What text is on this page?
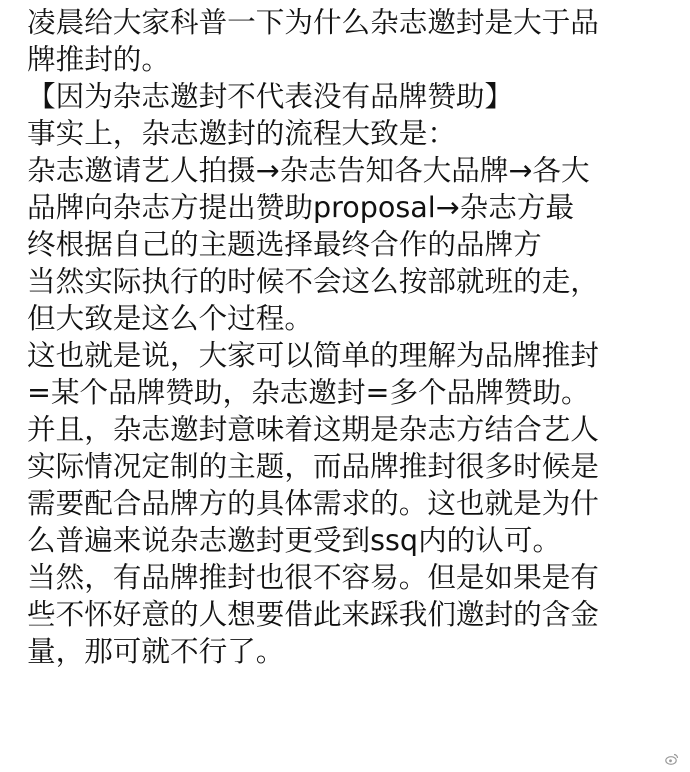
凌晨给大家科普一下为什么杂志邀封是大于品
牌推封的。
【因为杂志邀封不代表没有品牌赞助】
事实上，杂志邀封的流程大致是：
杂志邀请艺人拍摄→杂志告知各大品牌→各大
品牌向杂志方提出赞助proposal→杂志方最
终根据自己的主题选择最终合作的品牌方
当然实际执行的时候不会这么按部就班的走，
但大致是这么个过程。
这也就是说，大家可以简单的理解为品牌推封
=某个品牌赞助，杂志邀封=多个品牌赞助。
并且，杂志邀封意味着这期是杂志方结合艺人
实际情况定制的主题，而品牌推封很多时候是
需要配合品牌方的具体需求的。这也就是为什
么普遍来说杂志邀封更受到ssq内的认可。
当然，有品牌推封也很不容易。但是如果是有
些不怀好意的人想要借此来踩我们邀封的含金
量，那可就不行了。
